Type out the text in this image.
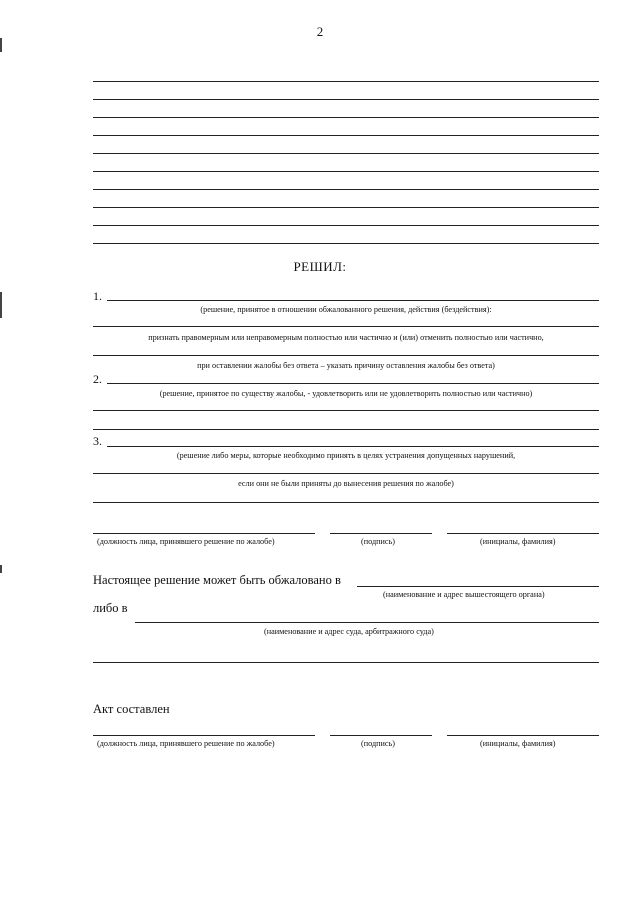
2
РЕШИЛ:
1.
(решение, принятое в отношении обжалованного решения, действия (бездействия):
признать правомерным или неправомерным полностью или частично и (или) отменить полностью или частично,
при оставлении жалобы без ответа – указать причину оставления жалобы без ответа)
2.
(решение, принятое по существу жалобы, - удовлетворить или не удовлетворить полностью или частично)
3.
(решение либо меры, которые необходимо принять в целях устранения допущенных нарушений,
если они не были приняты до вынесения решения по жалобе)
(должность лица, принявшего решение по жалобе)	(подпись)	(инициалы, фамилия)
Настоящее решение может быть обжаловано в
(наименование и адрес вышестоящего органа)
либо в
(наименование и адрес суда, арбитражного суда)
Акт составлен
(должность лица, принявшего решение по жалобе)	(подпись)	(инициалы, фамилия)
